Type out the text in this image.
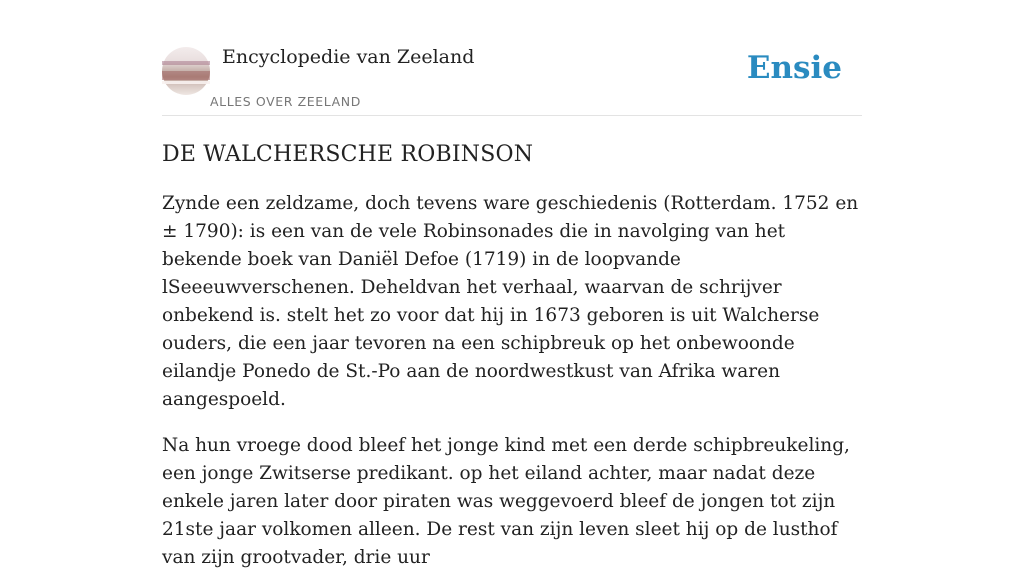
Encyclopedie van Zeeland
ALLES OVER ZEELAND
Ensie
DE WALCHERSCHE ROBINSON

Zynde een zeldzame, doch tevens ware geschiedenis (Rotterdam. 1752 en ± 1790): is een van de vele Robinsonades die in navolging van het bekende boek van Daniël Defoe (1719) in de loopvande lSeeeuwverschenen. Deheldvan het verhaal, waarvan de schrijver onbekend is. stelt het zo voor dat hij in 1673 geboren is uit Walcherse ouders, die een jaar tevoren na een schipbreuk op het onbewoonde eilandje Ponedo de St.-Po aan de noordwestkust van Afrika waren aangespoeld.

Na hun vroege dood bleef het jonge kind met een derde schipbreukeling, een jonge Zwitserse predikant. op het eiland achter, maar nadat deze enkele jaren later door piraten was weggevoerd bleef de jongen tot zijn 21ste jaar volkomen alleen. De rest van zijn leven sleet hij op de lusthof van zijn grootvader, drie uur
